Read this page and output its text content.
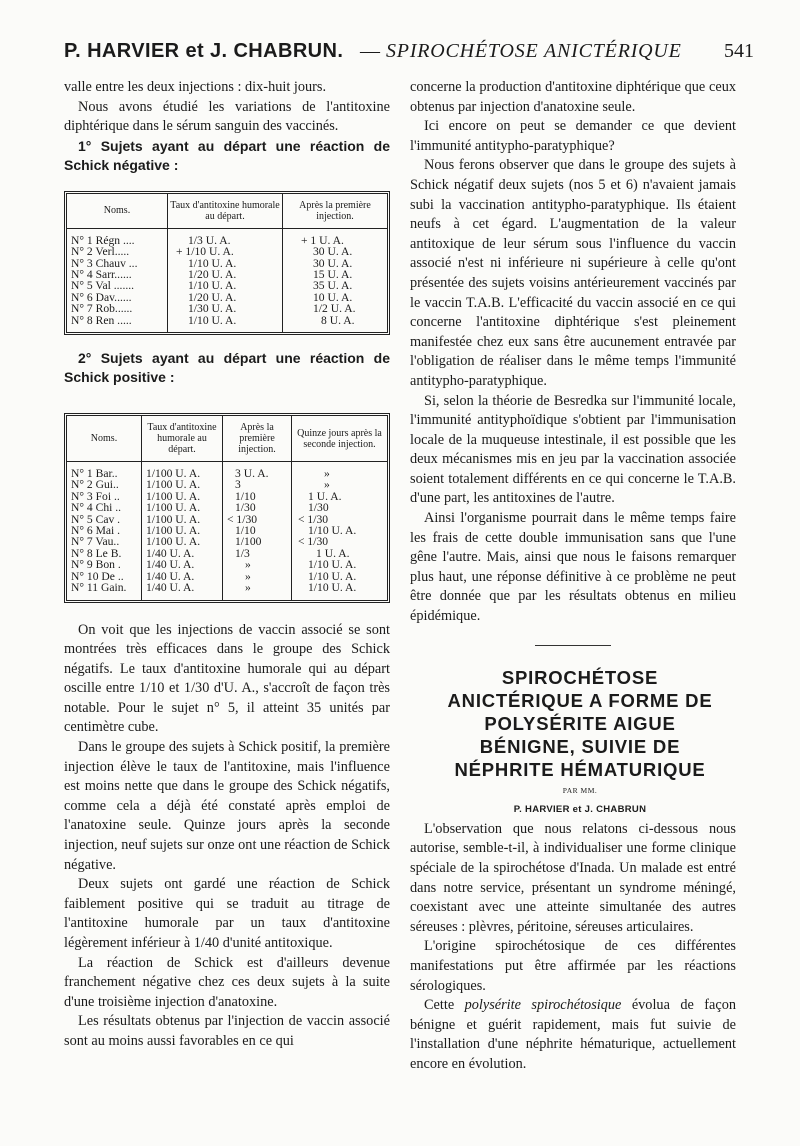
P. HARVIER et J. CHABRUN. — SPIROCHÉTOSE ANICTÉRIQUE 541

valle entre les deux injections : dix-huit jours.

Nous avons étudié les variations de l'antitoxine diphtérique dans le sérum sanguin des vaccinés.

1° Sujets ayant au départ une réaction de Schick négative :

Noms.	Taux d'antitoxine humorale au départ.	Après la première injection.
N° 1 Régn ....	1/3 U. A.	+ 1 U. A.
N° 2 Verl.....	+ 1/10 U. A.	30 U. A.
N° 3 Chauv ...	1/10 U. A.	30 U. A.
N° 4 Sarr......	1/20 U. A.	15 U. A.
N° 5 Val .......	1/10 U. A.	35 U. A.
N° 6 Dav......	1/20 U. A.	10 U. A.
N° 7 Rob......	1/30 U. A.	1/2 U. A.
N° 8 Ren .....	1/10 U. A.	8 U. A.

2° Sujets ayant au départ une réaction de Schick positive :

Noms.	Taux d'antitoxine humorale au départ.	Après la première injection.	Quinze jours après la seconde injection.
N° 1 Bar..	1/100 U. A.	3 U. A.	»
N° 2 Gui..	1/100 U. A.	3	»
N° 3 Foi ..	1/100 U. A.	1/10	1 U. A.
N° 4 Chi ..	1/100 U. A.	1/30	1/30
N° 5 Cav .	1/100 U. A.	< 1/30	< 1/30
N° 6 Mai .	1/100 U. A.	1/10	1/10 U. A.
N° 7 Vau..	1/100 U. A.	1/100	< 1/30
N° 8 Le B.	1/40 U. A.	1/3	1 U. A.
N° 9 Bon .	1/40 U. A.	»	1/10 U. A.
N° 10 De ..	1/40 U. A.	»	1/10 U. A.
N° 11 Gain.	1/40 U. A.	»	1/10 U. A.

On voit que les injections de vaccin associé se sont montrées très efficaces dans le groupe des Schick négatifs. Le taux d'antitoxine humorale qui au départ oscille entre 1/10 et 1/30 d'U. A., s'accroît de façon très notable. Pour le sujet n° 5, il atteint 35 unités par centimètre cube.

Dans le groupe des sujets à Schick positif, la première injection élève le taux de l'antitoxine, mais l'influence est moins nette que dans le groupe des Schick négatifs, comme cela a déjà été constaté après emploi de l'anatoxine seule. Quinze jours après la seconde injection, neuf sujets sur onze ont une réaction de Schick négative.

Deux sujets ont gardé une réaction de Schick faiblement positive qui se traduit au titrage de l'antitoxine humorale par un taux d'antitoxine légèrement inférieur à 1/40 d'unité antitoxique.

La réaction de Schick est d'ailleurs devenue franchement négative chez ces deux sujets à la suite d'une troisième injection d'anatoxine.

Les résultats obtenus par l'injection de vaccin associé sont au moins aussi favorables en ce qui

concerne la production d'antitoxine diphtérique que ceux obtenus par injection d'anatoxine seule.

Ici encore on peut se demander ce que devient l'immunité antitypho-paratyphique?

Nous ferons observer que dans le groupe des sujets à Schick négatif deux sujets (nos 5 et 6) n'avaient jamais subi la vaccination antitypho-paratyphique. Ils étaient neufs à cet égard. L'augmentation de la valeur antitoxique de leur sérum sous l'influence du vaccin associé n'est ni inférieure ni supérieure à celle qu'ont présentée des sujets voisins antérieurement vaccinés par le vaccin T.A.B. L'efficacité du vaccin associé en ce qui concerne l'antitoxine diphtérique s'est pleinement manifestée chez eux sans être aucunement entravée par l'obligation de réaliser dans le même temps l'immunité antitypho-paratyphique.

Si, selon la théorie de Besredka sur l'immunité locale, l'immunité antityphoïdique s'obtient par l'immunisation locale de la muqueuse intestinale, il est possible que les deux mécanismes mis en jeu par la vaccination associée soient totalement différents en ce qui concerne le T.A.B. d'une part, les antitoxines de l'autre.

Ainsi l'organisme pourrait dans le même temps faire les frais de cette double immunisation sans que l'une gêne l'autre. Mais, ainsi que nous le faisons remarquer plus haut, une réponse définitive à ce problème ne peut être donnée que par les résultats obtenus en milieu épidémique.

SPIROCHÉTOSE

ANICTÉRIQUE A FORME DE

POLYSÉRITE AIGUE

BÉNIGNE, SUIVIE DE

NÉPHRITE HÉMATURIQUE

PAR MM.

P. HARVIER et J. CHABRUN

L'observation que nous relatons ci-dessous nous autorise, semble-t-il, à individualiser une forme clinique spéciale de la spirochétose d'Inada. Un malade est entré dans notre service, présentant un syndrome méningé, coexistant avec une atteinte simultanée des autres séreuses : plèvres, péritoine, séreuses articulaires.

L'origine spirochétosique de ces différentes manifestations put être affirmée par les réactions sérologiques.

Cette polysérite spirochétosique évolua de façon bénigne et guérit rapidement, mais fut suivie de l'installation d'une néphrite hématurique, actuellement encore en évolution.
